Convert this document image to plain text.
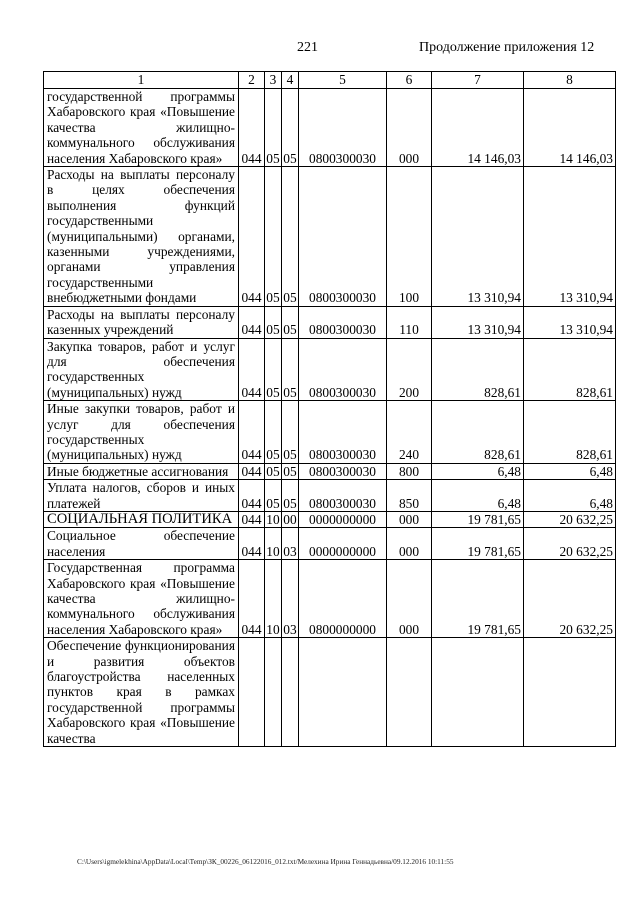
221	Продолжение приложения 12
1	2	3	4	5	6	7	8
государственной программы Хабаровского края «Повышение качества жилищно-коммунального обслуживания населения Хабаровского края»	044	05	05	0800300030	000	14 146,03	14 146,03
Расходы на выплаты персоналу в целях обеспечения выполнения функций государственными (муниципальными) органами, казенными учреждениями, органами управления государственными внебюджетными фондами	044	05	05	0800300030	100	13 310,94	13 310,94
Расходы на выплаты персоналу казенных учреждений	044	05	05	0800300030	110	13 310,94	13 310,94
Закупка товаров, работ и услуг для обеспечения государственных (муниципальных) нужд	044	05	05	0800300030	200	828,61	828,61
Иные закупки товаров, работ и услуг для обеспечения государственных (муниципальных) нужд	044	05	05	0800300030	240	828,61	828,61
Иные бюджетные ассигнования	044	05	05	0800300030	800	6,48	6,48
Уплата налогов, сборов и иных платежей	044	05	05	0800300030	850	6,48	6,48
СОЦИАЛЬНАЯ ПОЛИТИКА	044	10	00	0000000000	000	19 781,65	20 632,25
Социальное обеспечение населения	044	10	03	0000000000	000	19 781,65	20 632,25
Государственная программа Хабаровского края «Повышение качества жилищно-коммунального обслуживания населения Хабаровского края»	044	10	03	0800000000	000	19 781,65	20 632,25
Обеспечение функционирования и развития объектов благоустройства населенных пунктов края в рамках государственной программы Хабаровского края «Повышение качества							
C:\Users\igmelekhina\AppData\Local\Temp\ЗК_00226_06122016_012.txt/Мелехина Ирина Геннадьевна/09.12.2016 10:11:55
